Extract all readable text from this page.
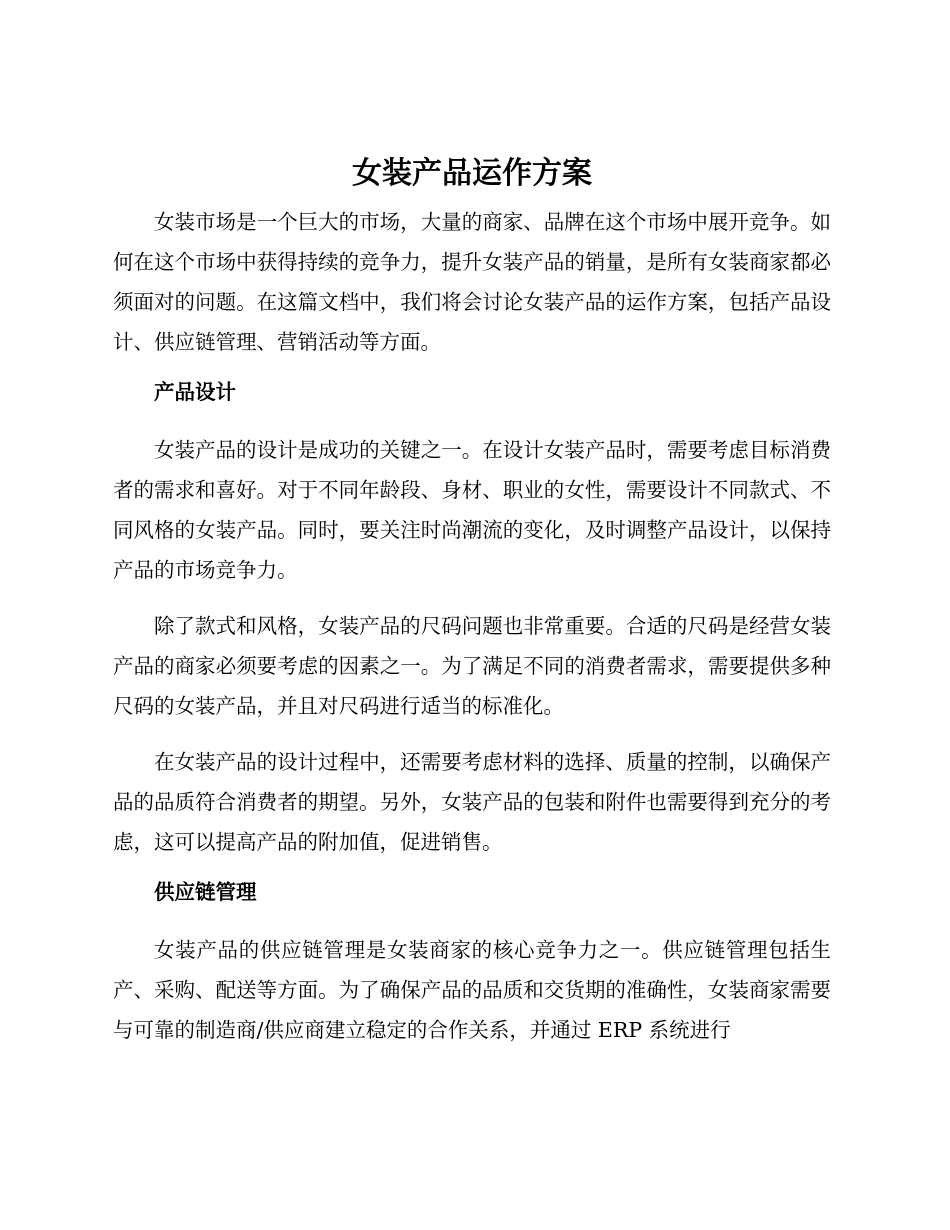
女装产品运作方案

女装市场是一个巨大的市场，大量的商家、品牌在这个市场中展开竞争。如何在这个市场中获得持续的竞争力，提升女装产品的销量，是所有女装商家都必须面对的问题。在这篇文档中，我们将会讨论女装产品的运作方案，包括产品设计、供应链管理、营销活动等方面。

产品设计

女装产品的设计是成功的关键之一。在设计女装产品时，需要考虑目标消费者的需求和喜好。对于不同年龄段、身材、职业的女性，需要设计不同款式、不同风格的女装产品。同时，要关注时尚潮流的变化，及时调整产品设计，以保持产品的市场竞争力。

除了款式和风格，女装产品的尺码问题也非常重要。合适的尺码是经营女装产品的商家必须要考虑的因素之一。为了满足不同的消费者需求，需要提供多种尺码的女装产品，并且对尺码进行适当的标准化。

在女装产品的设计过程中，还需要考虑材料的选择、质量的控制，以确保产品的品质符合消费者的期望。另外，女装产品的包装和附件也需要得到充分的考虑，这可以提高产品的附加值，促进销售。

供应链管理

女装产品的供应链管理是女装商家的核心竞争力之一。供应链管理包括生产、采购、配送等方面。为了确保产品的品质和交货期的准确性，女装商家需要与可靠的制造商/供应商建立稳定的合作关系，并通过 ERP 系统进行
